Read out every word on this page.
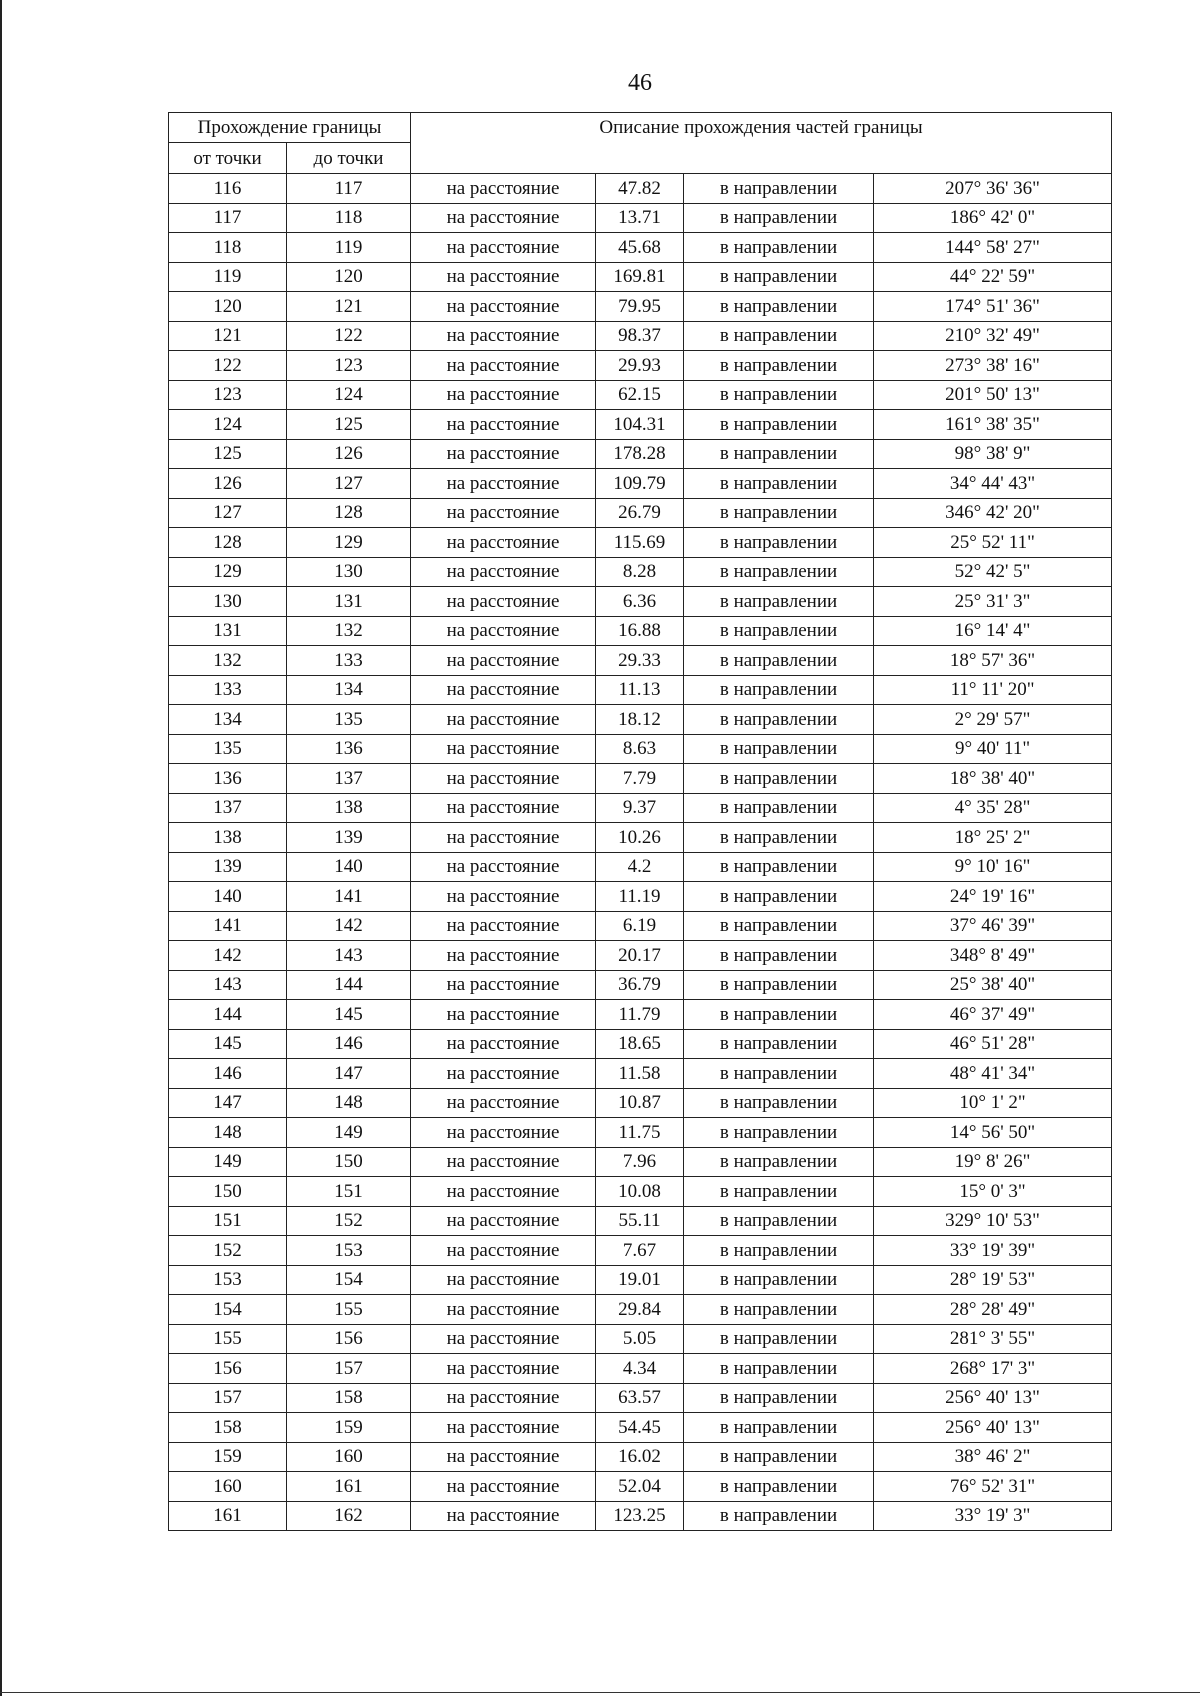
46
Прохождение границы		Описание прохождения частей границы			
от точки	до точки				
116	117	на расстояние	47.82	в направлении	207° 36' 36"
117	118	на расстояние	13.71	в направлении	186° 42' 0"
118	119	на расстояние	45.68	в направлении	144° 58' 27"
119	120	на расстояние	169.81	в направлении	44° 22' 59"
120	121	на расстояние	79.95	в направлении	174° 51' 36"
121	122	на расстояние	98.37	в направлении	210° 32' 49"
122	123	на расстояние	29.93	в направлении	273° 38' 16"
123	124	на расстояние	62.15	в направлении	201° 50' 13"
124	125	на расстояние	104.31	в направлении	161° 38' 35"
125	126	на расстояние	178.28	в направлении	98° 38' 9"
126	127	на расстояние	109.79	в направлении	34° 44' 43"
127	128	на расстояние	26.79	в направлении	346° 42' 20"
128	129	на расстояние	115.69	в направлении	25° 52' 11"
129	130	на расстояние	8.28	в направлении	52° 42' 5"
130	131	на расстояние	6.36	в направлении	25° 31' 3"
131	132	на расстояние	16.88	в направлении	16° 14' 4"
132	133	на расстояние	29.33	в направлении	18° 57' 36"
133	134	на расстояние	11.13	в направлении	11° 11' 20"
134	135	на расстояние	18.12	в направлении	2° 29' 57"
135	136	на расстояние	8.63	в направлении	9° 40' 11"
136	137	на расстояние	7.79	в направлении	18° 38' 40"
137	138	на расстояние	9.37	в направлении	4° 35' 28"
138	139	на расстояние	10.26	в направлении	18° 25' 2"
139	140	на расстояние	4.2	в направлении	9° 10' 16"
140	141	на расстояние	11.19	в направлении	24° 19' 16"
141	142	на расстояние	6.19	в направлении	37° 46' 39"
142	143	на расстояние	20.17	в направлении	348° 8' 49"
143	144	на расстояние	36.79	в направлении	25° 38' 40"
144	145	на расстояние	11.79	в направлении	46° 37' 49"
145	146	на расстояние	18.65	в направлении	46° 51' 28"
146	147	на расстояние	11.58	в направлении	48° 41' 34"
147	148	на расстояние	10.87	в направлении	10° 1' 2"
148	149	на расстояние	11.75	в направлении	14° 56' 50"
149	150	на расстояние	7.96	в направлении	19° 8' 26"
150	151	на расстояние	10.08	в направлении	15° 0' 3"
151	152	на расстояние	55.11	в направлении	329° 10' 53"
152	153	на расстояние	7.67	в направлении	33° 19' 39"
153	154	на расстояние	19.01	в направлении	28° 19' 53"
154	155	на расстояние	29.84	в направлении	28° 28' 49"
155	156	на расстояние	5.05	в направлении	281° 3' 55"
156	157	на расстояние	4.34	в направлении	268° 17' 3"
157	158	на расстояние	63.57	в направлении	256° 40' 13"
158	159	на расстояние	54.45	в направлении	256° 40' 13"
159	160	на расстояние	16.02	в направлении	38° 46' 2"
160	161	на расстояние	52.04	в направлении	76° 52' 31"
161	162	на расстояние	123.25	в направлении	33° 19' 3"
